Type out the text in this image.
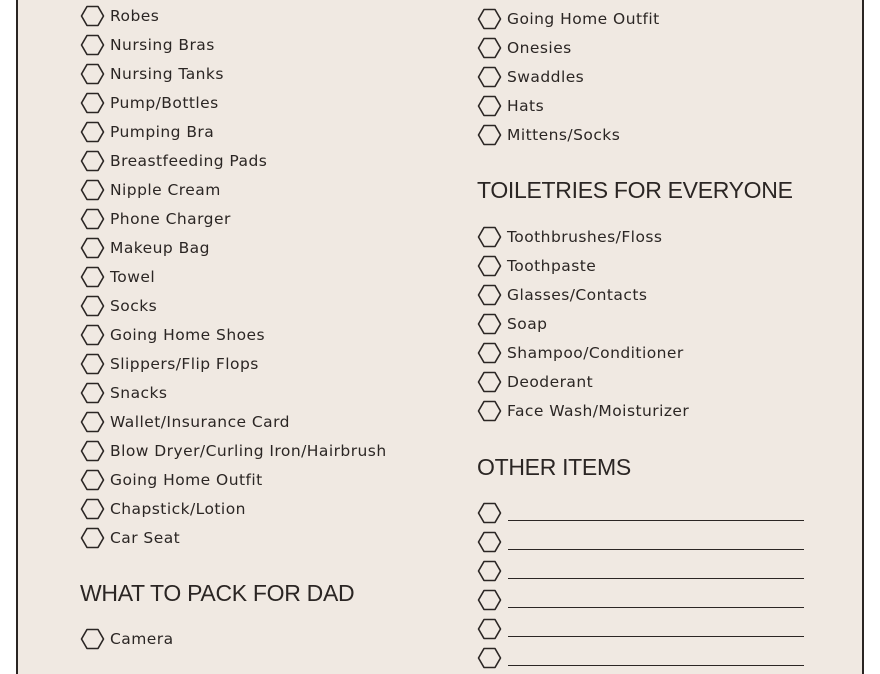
Robes
Nursing Bras
Nursing Tanks
Pump/Bottles
Pumping Bra
Breastfeeding Pads
Nipple Cream
Phone Charger
Makeup Bag
Towel
Socks
Going Home Shoes
Slippers/Flip Flops
Snacks
Wallet/Insurance Card
Blow Dryer/Curling Iron/Hairbrush
Going Home Outfit
Chapstick/Lotion
Car Seat
WHAT TO PACK FOR DAD
Camera
Going Home Outfit
Onesies
Swaddles
Hats
Mittens/Socks
TOILETRIES FOR EVERYONE
Toothbrushes/Floss
Toothpaste
Glasses/Contacts
Soap
Shampoo/Conditioner
Deoderant
Face Wash/Moisturizer
OTHER ITEMS
